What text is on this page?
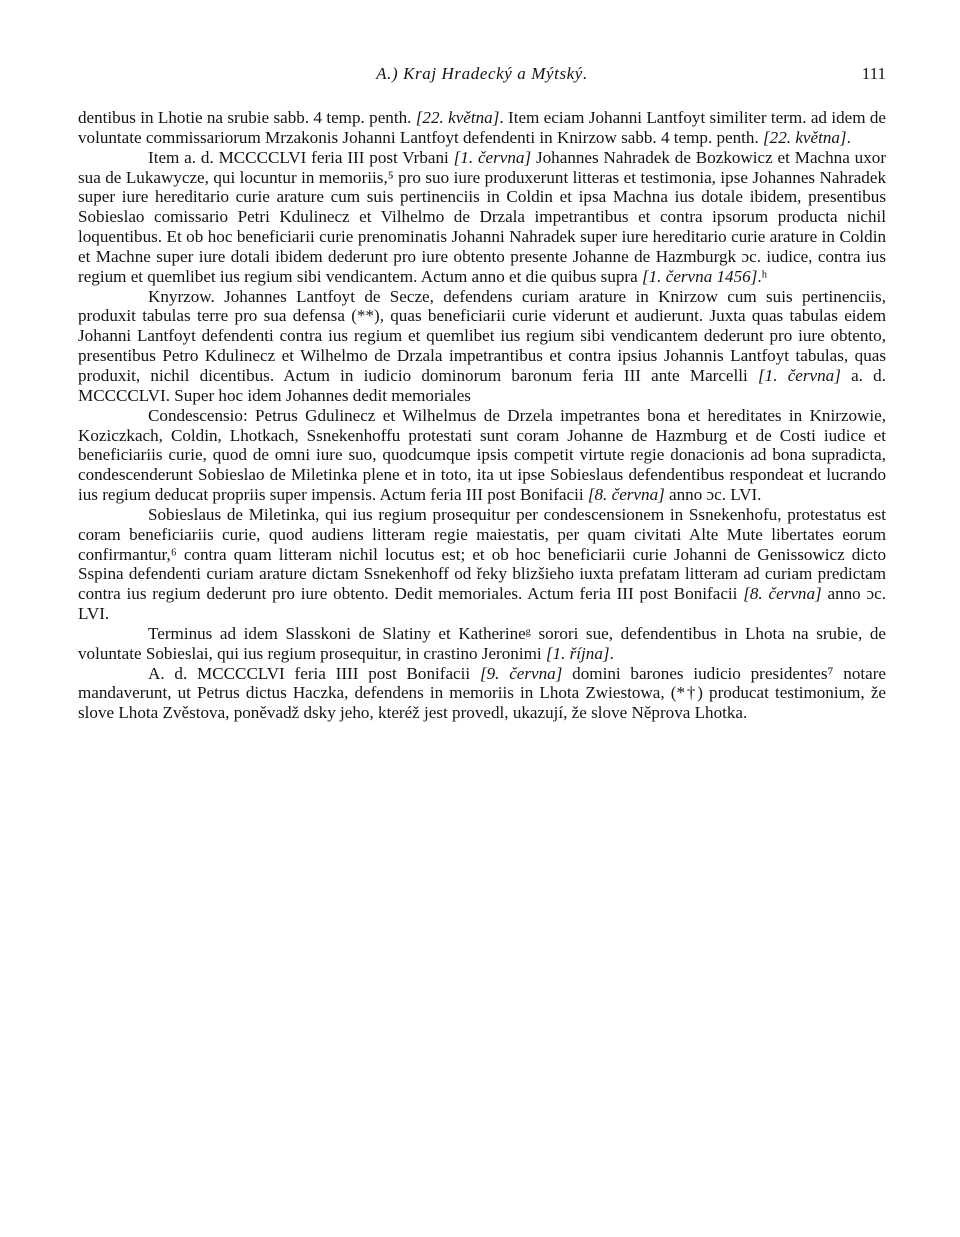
A.) Kraj Hradecký a Mýtský.	111

dentibus in Lhotie na srubie sabb. 4 temp. penth. [22. května]. Item eciam Johanni Lantfoyt similiter term. ad idem de voluntate commissariorum Mrzakonis Johanni Lantfoyt defendenti in Knirzow sabb. 4 temp. penth. [22. května].

Item a. d. MCCCCLVI feria III post Vrbani [1. června] Johannes Nahradek de Bozkowicz et Machna uxor sua de Lukawycze, qui locuntur in memoriis,⁵ pro suo iure produxerunt litteras et testimonia, ipse Johannes Nahradek super iure hereditario curie arature cum suis pertinenciis in Coldin et ipsa Machna ius dotale ibidem, presentibus Sobieslao comissario Petri Kdulinecz et Vilhelmo de Drzala impetrantibus et contra ipsorum producta nichil loquentibus. Et ob hoc beneficiarii curie prenominatis Johanni Nahradek super iure hereditario curie arature in Coldin et Machne super iure dotali ibidem dederunt pro iure obtento presente Johanne de Hazmburgk ɔc. iudice, contra ius regium et quemlibet ius regium sibi vendicantem. Actum anno et die quibus supra [1. června 1456].ʰ

Knyrzow. Johannes Lantfoyt de Secze, defendens curiam arature in Knirzow cum suis pertinenciis, produxit tabulas terre pro sua defensa (**), quas beneficiarii curie viderunt et audierunt. Juxta quas tabulas eidem Johanni Lantfoyt defendenti contra ius regium et quemlibet ius regium sibi vendicantem dederunt pro iure obtento, presentibus Petro Kdulinecz et Wilhelmo de Drzala impetrantibus et contra ipsius Johannis Lantfoyt tabulas, quas produxit, nichil dicentibus. Actum in iudicio dominorum baronum feria III ante Marcelli [1. června] a. d. MCCCCLVI. Super hoc idem Johannes dedit memoriales

Condescensio: Petrus Gdulinecz et Wilhelmus de Drzela impetrantes bona et hereditates in Knirzowie, Koziczkach, Coldin, Lhotkach, Ssnekenhoffu protestati sunt coram Johanne de Hazmburg et de Costi iudice et beneficiariis curie, quod de omni iure suo, quodcumque ipsis competit virtute regie donacionis ad bona supradicta, condescenderunt Sobieslao de Miletinka plene et in toto, ita ut ipse Sobieslaus defendentibus respondeat et lucrando ius regium deducat propriis super impensis. Actum feria III post Bonifacii [8. června] anno ɔc. LVI.

Sobieslaus de Miletinka, qui ius regium prosequitur per condescensionem in Ssnekenhofu, protestatus est coram beneficiariis curie, quod audiens litteram regie maiestatis, per quam civitati Alte Mute libertates eorum confirmantur,⁶ contra quam litteram nichil locutus est; et ob hoc beneficiarii curie Johanni de Genissowicz dicto Sspina defendenti curiam arature dictam Ssnekenhoff od řeky blizšieho iuxta prefatam litteram ad curiam predictam contra ius regium dederunt pro iure obtento. Dedit memoriales. Actum feria III post Bonifacii [8. června] anno ɔc. LVI.

Terminus ad idem Slasskoni de Slatiny et Katherineᵍ sorori sue, defendentibus in Lhota na srubie, de voluntate Sobieslai, qui ius regium prosequitur, in crastino Jeronimi [1. října].

A. d. MCCCCLVI feria IIII post Bonifacii [9. června] domini barones iudicio presidentes⁷ notare mandaverunt, ut Petrus dictus Haczka, defendens in memoriis in Lhota Zwiestowa, (*†) producat testimonium, že slove Lhota Zvěstova, poněvadž dsky jeho, kteréž jest provedl, ukazují, že slove Něprova Lhotka.
